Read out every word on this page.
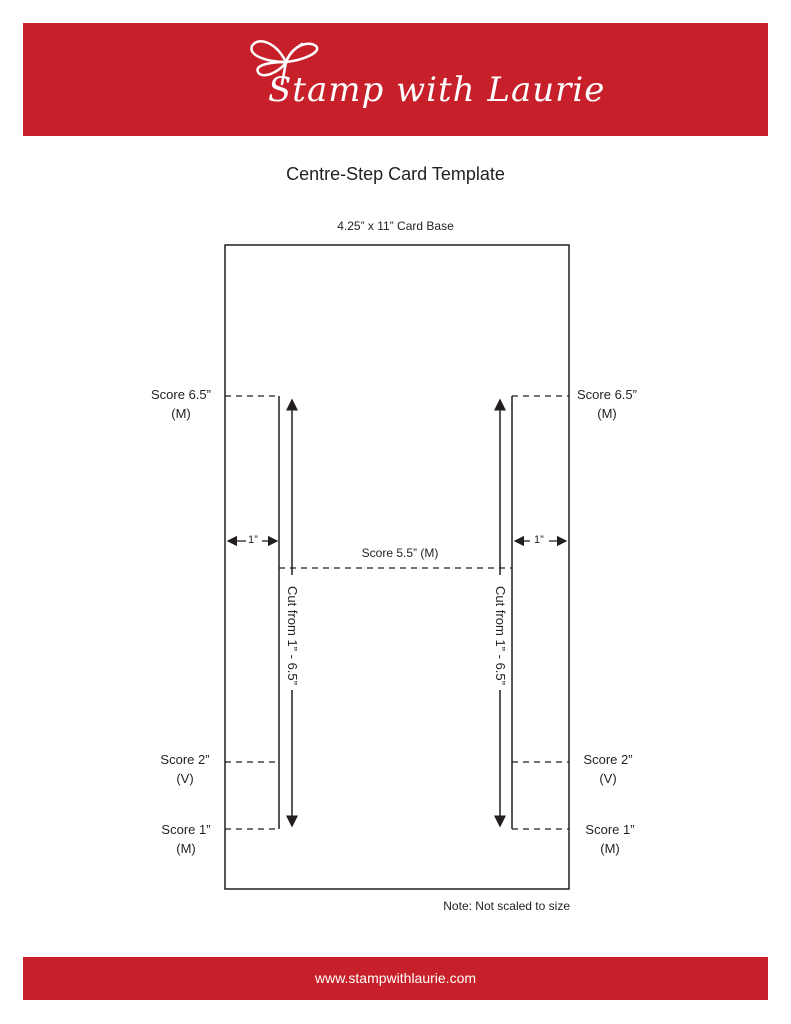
Stamp with Laurie
Centre-Step Card Template
4.25” x 11” Card Base
1”	1”
Score 5.5” (M)
Cut from 1” - 6.5”	Cut from 1” - 6.5”
Score 6.5”
(M)
Score 2”
(V)
Score 1”
(M)
Score 6.5”
(M)
Score 2”
(V)
Score 1”
(M)
Note: Not scaled to size
www.stampwithlaurie.com
